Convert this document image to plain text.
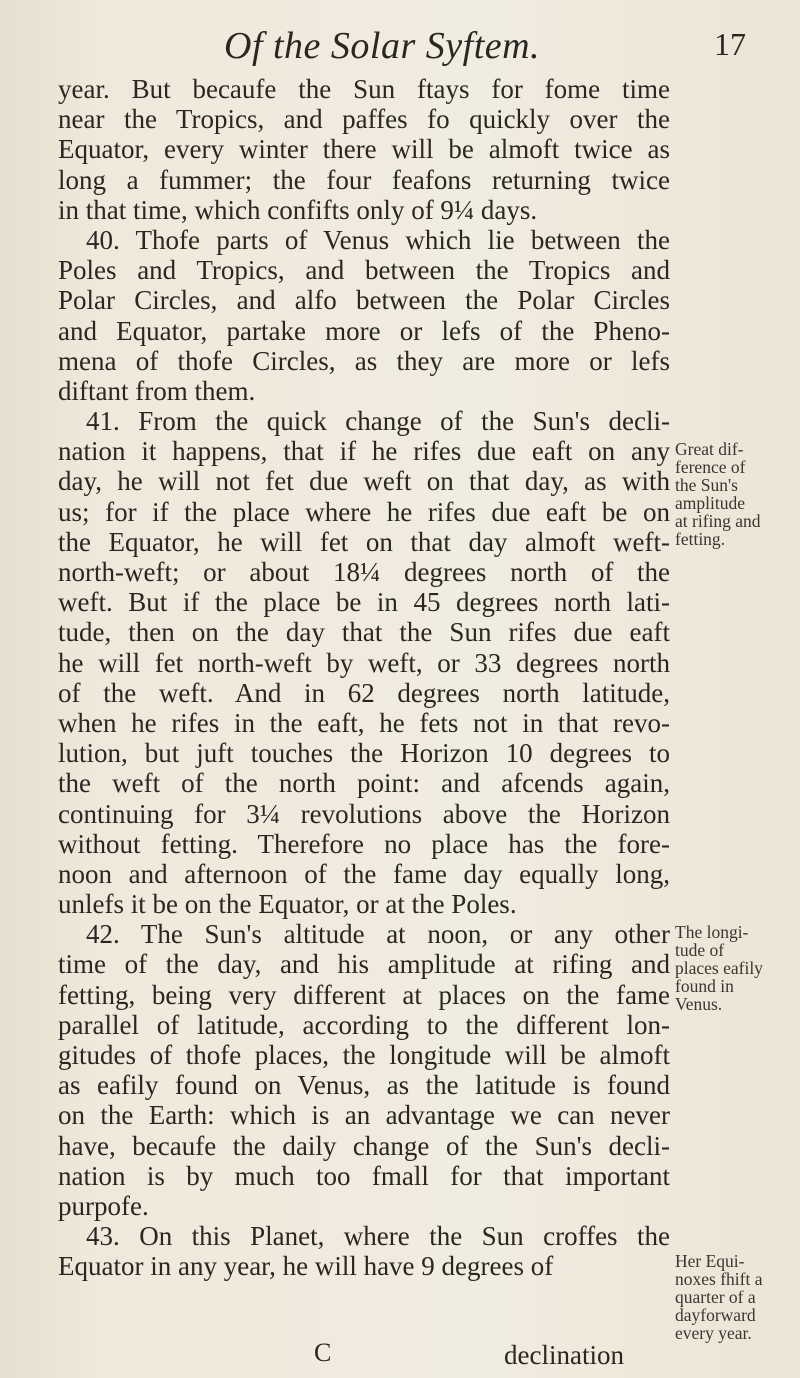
Of the Solar Syftem.	17
year. But becaufe the Sun ftays for fome time
near the Tropics, and paffes fo quickly over the
Equator, every winter there will be almoft twice as
long a fummer; the four feafons returning twice
in that time, which confifts only of 9¼ days.
40. Thofe parts of Venus which lie between the
Poles and Tropics, and between the Tropics and
Polar Circles, and alfo between the Polar Circles
and Equator, partake more or lefs of the Pheno-
mena of thofe Circles, as they are more or lefs
diftant from them.
41. From the quick change of the Sun's decli-
nation it happens, that if he rifes due eaft on any
day, he will not fet due weft on that day, as with
us; for if the place where he rifes due eaft be on
the Equator, he will fet on that day almoft weft-
north-weft; or about 18¼ degrees north of the
weft. But if the place be in 45 degrees north lati-
tude, then on the day that the Sun rifes due eaft
he will fet north-weft by weft, or 33 degrees north
of the weft. And in 62 degrees north latitude,
when he rifes in the eaft, he fets not in that revo-
lution, but juft touches the Horizon 10 degrees to
the weft of the north point: and afcends again,
continuing for 3¼ revolutions above the Horizon
without fetting. Therefore no place has the fore-
noon and afternoon of the fame day equally long,
unlefs it be on the Equator, or at the Poles.
42. The Sun's altitude at noon, or any other
time of the day, and his amplitude at rifing and
fetting, being very different at places on the fame
parallel of latitude, according to the different lon-
gitudes of thofe places, the longitude will be almoft
as eafily found on Venus, as the latitude is found
on the Earth: which is an advantage we can never
have, becaufe the daily change of the Sun's decli-
nation is by much too fmall for that important
purpofe.
43. On this Planet, where the Sun croffes the
Equator in any year, he will have 9 degrees of
Great dif-
ference of
the Sun's
amplitude
at rifing and
fetting.
The longi-
tude of
places eafily
found in
Venus.
Her Equi-
noxes fhift a
quarter of a
dayforward
every year.
C	declination
